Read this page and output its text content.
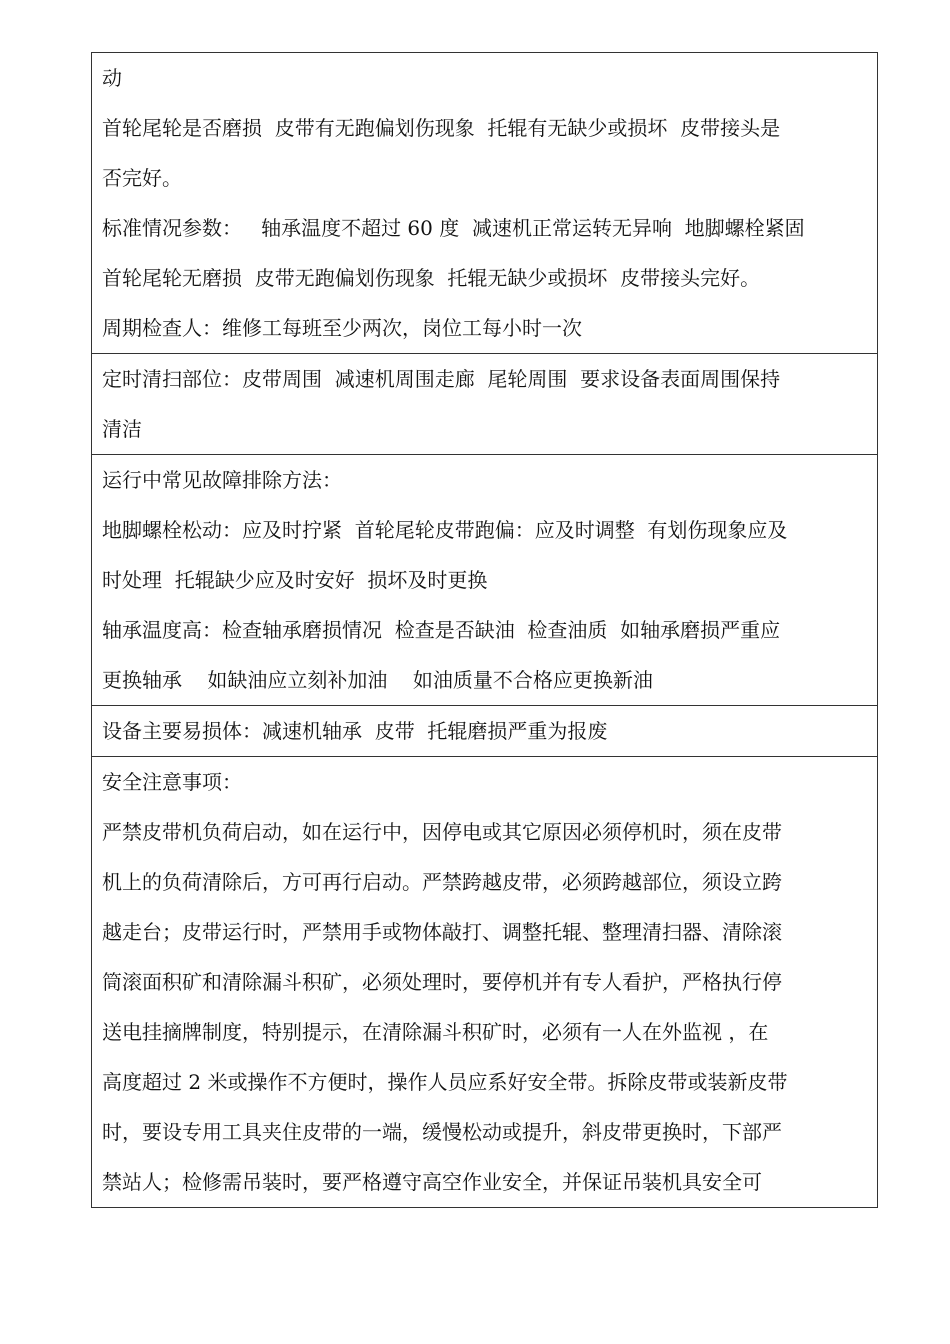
动
首轮尾轮是否磨损  皮带有无跑偏划伤现象  托辊有无缺少或损坏  皮带接头是
否完好。
标准情况参数：   轴承温度不超过 60 度  减速机正常运转无异响  地脚螺栓紧固
首轮尾轮无磨损  皮带无跑偏划伤现象  托辊无缺少或损坏  皮带接头完好。
周期检查人：维修工每班至少两次，岗位工每小时一次
定时清扫部位：皮带周围  减速机周围走廊  尾轮周围  要求设备表面周围保持
清洁
运行中常见故障排除方法：
地脚螺栓松动：应及时拧紧  首轮尾轮皮带跑偏：应及时调整  有划伤现象应及
时处理  托辊缺少应及时安好  损坏及时更换
轴承温度高：检查轴承磨损情况  检查是否缺油  检查油质  如轴承磨损严重应
更换轴承    如缺油应立刻补加油    如油质量不合格应更换新油
设备主要易损体：减速机轴承  皮带  托辊磨损严重为报废
安全注意事项：
严禁皮带机负荷启动，如在运行中，因停电或其它原因必须停机时，须在皮带
机上的负荷清除后，方可再行启动。严禁跨越皮带，必须跨越部位，须设立跨
越走台；皮带运行时，严禁用手或物体敲打、调整托辊、整理清扫器、清除滚
筒滚面积矿和清除漏斗积矿，必须处理时，要停机并有专人看护，严格执行停
送电挂摘牌制度，特别提示，在清除漏斗积矿时，必须有一人在外监视 ，在
高度超过 2 米或操作不方便时，操作人员应系好安全带。拆除皮带或装新皮带
时，要设专用工具夹住皮带的一端，缓慢松动或提升，斜皮带更换时，下部严
禁站人；检修需吊装时，要严格遵守高空作业安全，并保证吊装机具安全可
